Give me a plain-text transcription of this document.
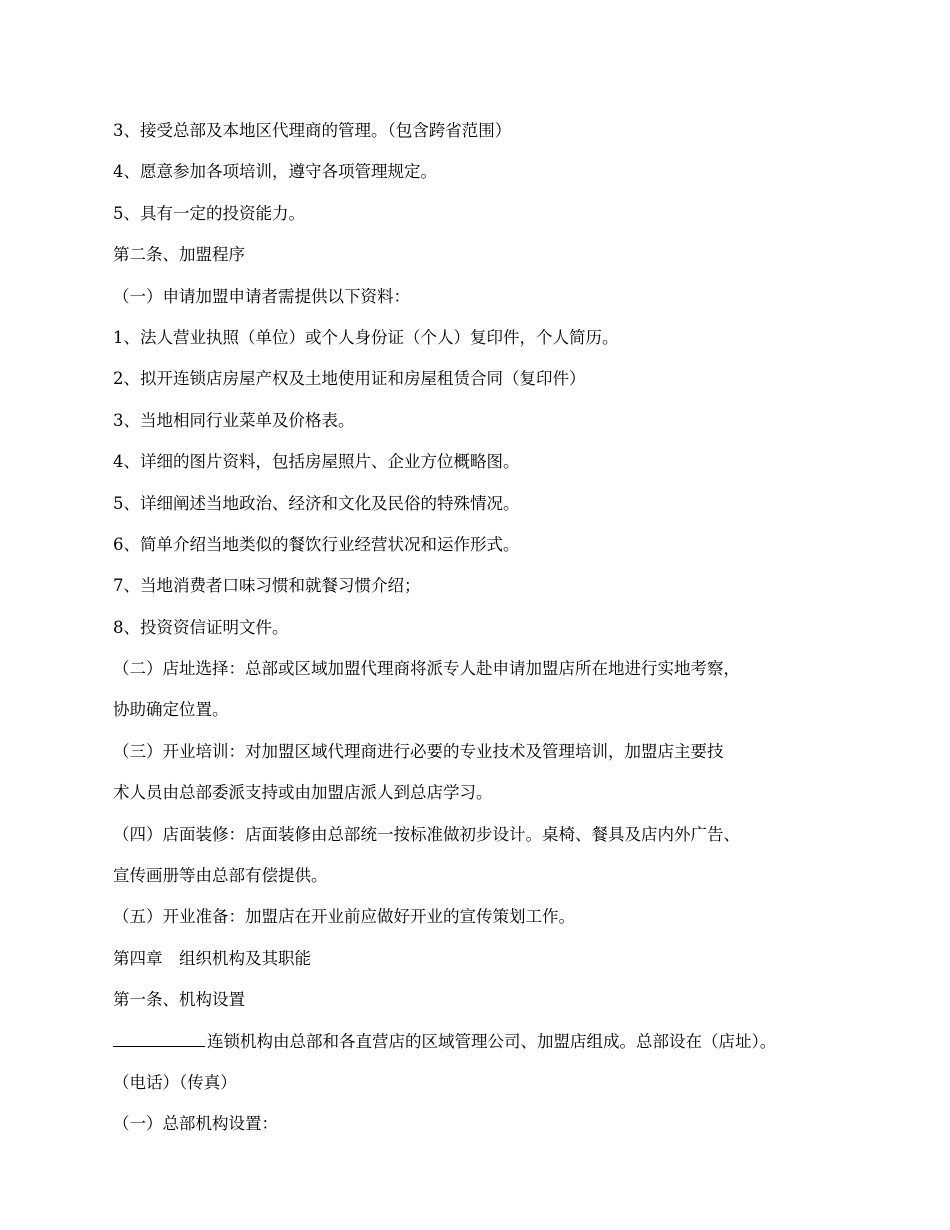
3、接受总部及本地区代理商的管理。（包含跨省范围）
4、愿意参加各项培训，遵守各项管理规定。
5、具有一定的投资能力。
第二条、加盟程序
（一）申请加盟申请者需提供以下资料：
1、法人营业执照（单位）或个人身份证（个人）复印件，个人简历。
2、拟开连锁店房屋产权及土地使用证和房屋租赁合同（复印件）
3、当地相同行业菜单及价格表。
4、详细的图片资料，包括房屋照片、企业方位概略图。
5、详细阐述当地政治、经济和文化及民俗的特殊情况。
6、简单介绍当地类似的餐饮行业经营状况和运作形式。
7、当地消费者口味习惯和就餐习惯介绍；
8、投资资信证明文件。
（二）店址选择：总部或区域加盟代理商将派专人赴申请加盟店所在地进行实地考察，
协助确定位置。
（三）开业培训：对加盟区域代理商进行必要的专业技术及管理培训，加盟店主要技
术人员由总部委派支持或由加盟店派人到总店学习。
（四）店面装修：店面装修由总部统一按标准做初步设计。桌椅、餐具及店内外广告、
宣传画册等由总部有偿提供。
（五）开业准备：加盟店在开业前应做好开业的宣传策划工作。
第四章　组织机构及其职能
第一条、机构设置
连锁机构由总部和各直营店的区域管理公司、加盟店组成。总部设在（店址）。
（电话）（传真）
（一）总部机构设置：
